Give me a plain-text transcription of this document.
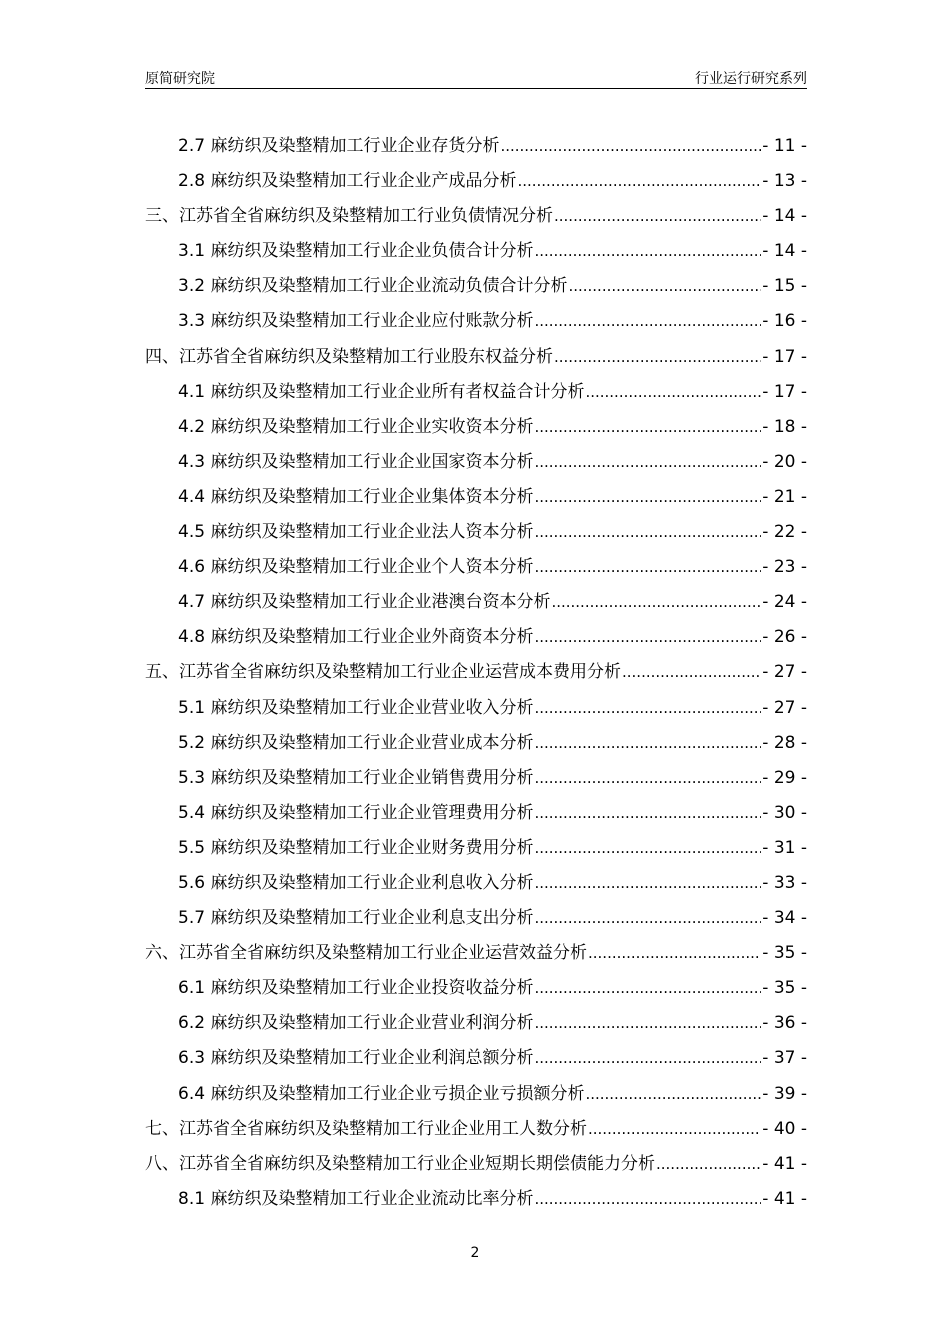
原简研究院	行业运行研究系列
2.7 麻纺织及染整精加工行业企业存货分析 .....	- 11 -
2.8 麻纺织及染整精加工行业企业产成品分析 .....	- 13 -
三、江苏省全省麻纺织及染整精加工行业负债情况分析 .....	- 14 -
3.1 麻纺织及染整精加工行业企业负债合计分析 .....	- 14 -
3.2 麻纺织及染整精加工行业企业流动负债合计分析 .....	- 15 -
3.3 麻纺织及染整精加工行业企业应付账款分析 .....	- 16 -
四、江苏省全省麻纺织及染整精加工行业股东权益分析 .....	- 17 -
4.1 麻纺织及染整精加工行业企业所有者权益合计分析 .....	- 17 -
4.2 麻纺织及染整精加工行业企业实收资本分析 .....	- 18 -
4.3 麻纺织及染整精加工行业企业国家资本分析 .....	- 20 -
4.4 麻纺织及染整精加工行业企业集体资本分析 .....	- 21 -
4.5 麻纺织及染整精加工行业企业法人资本分析 .....	- 22 -
4.6 麻纺织及染整精加工行业企业个人资本分析 .....	- 23 -
4.7 麻纺织及染整精加工行业企业港澳台资本分析 .....	- 24 -
4.8 麻纺织及染整精加工行业企业外商资本分析 .....	- 26 -
五、江苏省全省麻纺织及染整精加工行业企业运营成本费用分析 .....	- 27 -
5.1 麻纺织及染整精加工行业企业营业收入分析 .....	- 27 -
5.2 麻纺织及染整精加工行业企业营业成本分析 .....	- 28 -
5.3 麻纺织及染整精加工行业企业销售费用分析 .....	- 29 -
5.4 麻纺织及染整精加工行业企业管理费用分析 .....	- 30 -
5.5 麻纺织及染整精加工行业企业财务费用分析 .....	- 31 -
5.6 麻纺织及染整精加工行业企业利息收入分析 .....	- 33 -
5.7 麻纺织及染整精加工行业企业利息支出分析 .....	- 34 -
六、江苏省全省麻纺织及染整精加工行业企业运营效益分析 .....	- 35 -
6.1 麻纺织及染整精加工行业企业投资收益分析 .....	- 35 -
6.2 麻纺织及染整精加工行业企业营业利润分析 .....	- 36 -
6.3 麻纺织及染整精加工行业企业利润总额分析 .....	- 37 -
6.4 麻纺织及染整精加工行业企业亏损企业亏损额分析 .....	- 39 -
七、江苏省全省麻纺织及染整精加工行业企业用工人数分析 .....	- 40 -
八、江苏省全省麻纺织及染整精加工行业企业短期长期偿债能力分析 .....	- 41 -
8.1 麻纺织及染整精加工行业企业流动比率分析 .....	- 41 -
2
